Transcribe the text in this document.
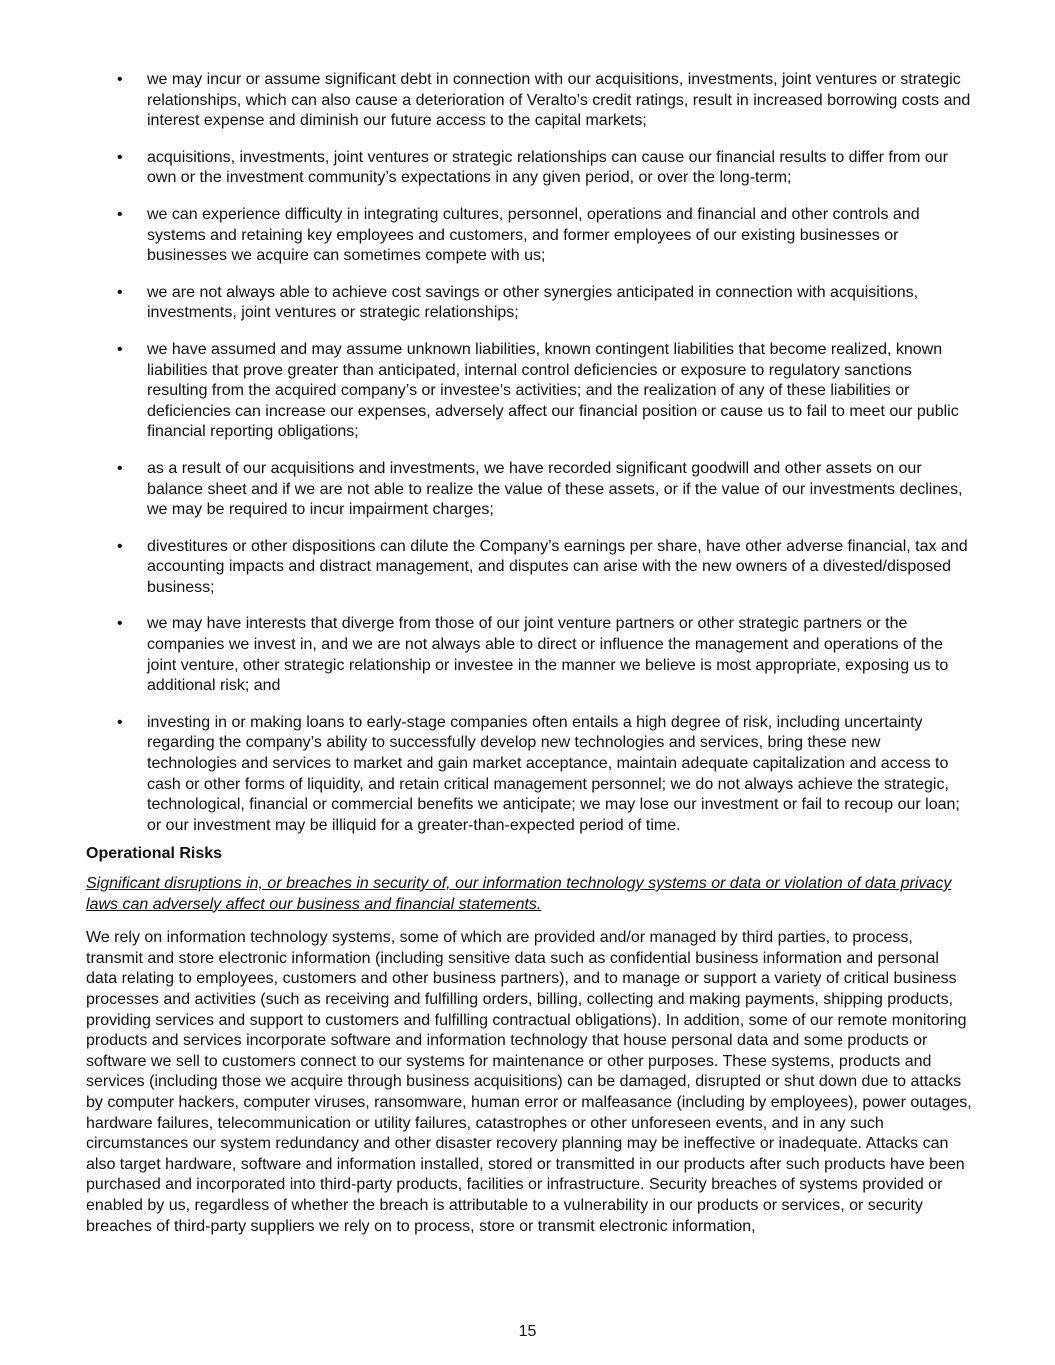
• we may incur or assume significant debt in connection with our acquisitions, investments, joint ventures or strategic relationships, which can also cause a deterioration of Veralto’s credit ratings, result in increased borrowing costs and interest expense and diminish our future access to the capital markets;
• acquisitions, investments, joint ventures or strategic relationships can cause our financial results to differ from our own or the investment community’s expectations in any given period, or over the long-term;
• we can experience difficulty in integrating cultures, personnel, operations and financial and other controls and systems and retaining key employees and customers, and former employees of our existing businesses or businesses we acquire can sometimes compete with us;
• we are not always able to achieve cost savings or other synergies anticipated in connection with acquisitions, investments, joint ventures or strategic relationships;
• we have assumed and may assume unknown liabilities, known contingent liabilities that become realized, known liabilities that prove greater than anticipated, internal control deficiencies or exposure to regulatory sanctions resulting from the acquired company’s or investee’s activities; and the realization of any of these liabilities or deficiencies can increase our expenses, adversely affect our financial position or cause us to fail to meet our public financial reporting obligations;
• as a result of our acquisitions and investments, we have recorded significant goodwill and other assets on our balance sheet and if we are not able to realize the value of these assets, or if the value of our investments declines, we may be required to incur impairment charges;
• divestitures or other dispositions can dilute the Company’s earnings per share, have other adverse financial, tax and accounting impacts and distract management, and disputes can arise with the new owners of a divested/disposed business;
• we may have interests that diverge from those of our joint venture partners or other strategic partners or the companies we invest in, and we are not always able to direct or influence the management and operations of the joint venture, other strategic relationship or investee in the manner we believe is most appropriate, exposing us to additional risk; and
• investing in or making loans to early-stage companies often entails a high degree of risk, including uncertainty regarding the company’s ability to successfully develop new technologies and services, bring these new technologies and services to market and gain market acceptance, maintain adequate capitalization and access to cash or other forms of liquidity, and retain critical management personnel; we do not always achieve the strategic, technological, financial or commercial benefits we anticipate; we may lose our investment or fail to recoup our loan; or our investment may be illiquid for a greater-than-expected period of time.
Operational Risks
Significant disruptions in, or breaches in security of, our information technology systems or data or violation of data privacy laws can adversely affect our business and financial statements.

We rely on information technology systems, some of which are provided and/or managed by third parties, to process, transmit and store electronic information (including sensitive data such as confidential business information and personal data relating to employees, customers and other business partners), and to manage or support a variety of critical business processes and activities (such as receiving and fulfilling orders, billing, collecting and making payments, shipping products, providing services and support to customers and fulfilling contractual obligations). In addition, some of our remote monitoring products and services incorporate software and information technology that house personal data and some products or software we sell to customers connect to our systems for maintenance or other purposes. These systems, products and services (including those we acquire through business acquisitions) can be damaged, disrupted or shut down due to attacks by computer hackers, computer viruses, ransomware, human error or malfeasance (including by employees), power outages, hardware failures, telecommunication or utility failures, catastrophes or other unforeseen events, and in any such circumstances our system redundancy and other disaster recovery planning may be ineffective or inadequate. Attacks can also target hardware, software and information installed, stored or transmitted in our products after such products have been purchased and incorporated into third-party products, facilities or infrastructure. Security breaches of systems provided or enabled by us, regardless of whether the breach is attributable to a vulnerability in our products or services, or security breaches of third-party suppliers we rely on to process, store or transmit electronic information,

15
